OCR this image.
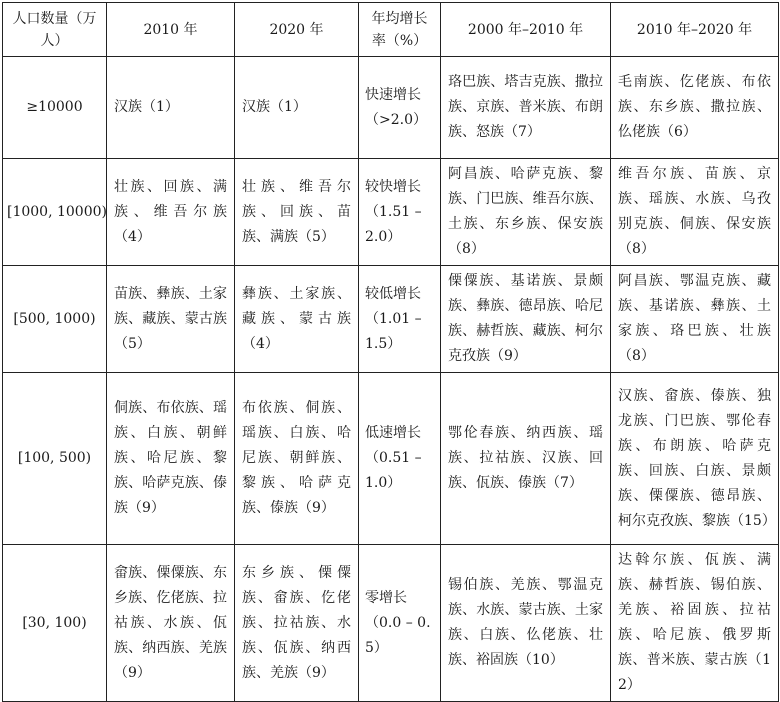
人口数量（万人）	2010 年	2020 年	年均增长率（%）	2000 年–2010 年	2010 年–2020 年
≥10000	汉族（1）	汉族（1）	快速增长（>2.0）	珞巴族、塔吉克族、撒拉族、京族、普米族、布朗族、怒族（7）	毛南族、仡佬族、布依族、东乡族、撒拉族、仫佬族（6）
[1000, 10000)	壮族、回族、满族、维吾尔族（4）	壮族、维吾尔族、回族、苗族、满族（5）	较快增长（1.51 – 2.0）	阿昌族、哈萨克族、黎族、门巴族、维吾尔族、土族、东乡族、保安族（8）	维吾尔族、苗族、京族、瑶族、水族、乌孜别克族、侗族、保安族（8）
[500, 1000)	苗族、彝族、土家族、藏族、蒙古族（5）	彝族、土家族、藏族、蒙古族（4）	较低增长（1.01 – 1.5）	傈僳族、基诺族、景颇族、彝族、德昂族、哈尼族、赫哲族、藏族、柯尔克孜族（9）	阿昌族、鄂温克族、藏族、基诺族、彝族、土家族、珞巴族、壮族（8）
[100, 500)	侗族、布依族、瑶族、白族、朝鲜族、哈尼族、黎族、哈萨克族、傣族（9）	布依族、侗族、瑶族、白族、哈尼族、朝鲜族、黎族、哈萨克族、傣族（9）	低速增长（0.51 – 1.0）	鄂伦春族、纳西族、瑶族、拉祜族、汉族、回族、佤族、傣族（7）	汉族、畲族、傣族、独龙族、门巴族、鄂伦春族、布朗族、哈萨克族、回族、白族、景颇族、傈僳族、德昂族、柯尔克孜族、黎族（15）
[30, 100)	畲族、傈僳族、东乡族、仡佬族、拉祜族、水族、佤族、纳西族、羌族（9）	东乡族、傈僳族、畲族、仡佬族、拉祜族、水族、佤族、纳西族、羌族（9）	零增长（0.0 – 0.5）	锡伯族、羌族、鄂温克族、水族、蒙古族、土家族、白族、仫佬族、壮族、裕固族（10）	达斡尔族、佤族、满族、赫哲族、锡伯族、羌族、裕固族、拉祜族、哈尼族、俄罗斯族、普米族、蒙古族（12）
